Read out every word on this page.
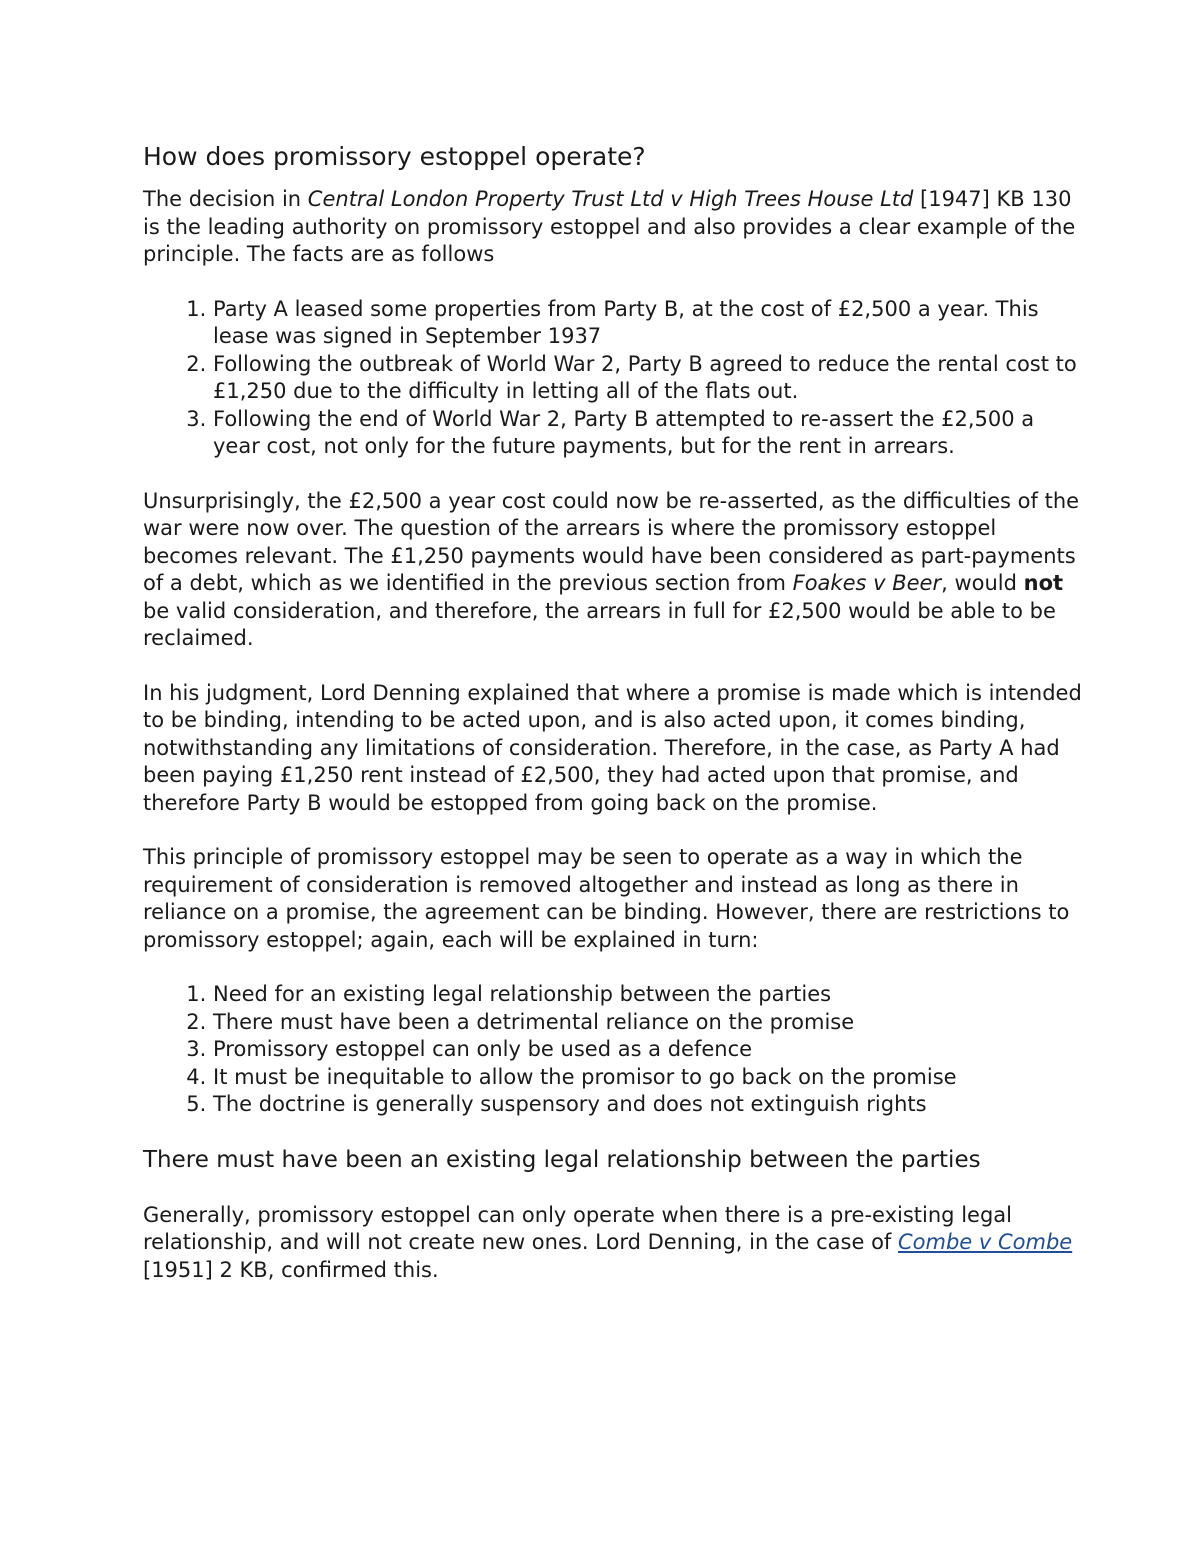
How does promissory estoppel operate?

The decision in Central London Property Trust Ltd v High Trees House Ltd [1947] KB 130 is the leading authority on promissory estoppel and also provides a clear example of the principle. The facts are as follows

1. Party A leased some properties from Party B, at the cost of £2,500 a year. This lease was signed in September 1937
2. Following the outbreak of World War 2, Party B agreed to reduce the rental cost to £1,250 due to the difficulty in letting all of the flats out.
3. Following the end of World War 2, Party B attempted to re-assert the £2,500 a year cost, not only for the future payments, but for the rent in arrears.

Unsurprisingly, the £2,500 a year cost could now be re-asserted, as the difficulties of the war were now over. The question of the arrears is where the promissory estoppel becomes relevant. The £1,250 payments would have been considered as part-payments of a debt, which as we identified in the previous section from Foakes v Beer, would not be valid consideration, and therefore, the arrears in full for £2,500 would be able to be reclaimed.

In his judgment, Lord Denning explained that where a promise is made which is intended to be binding, intending to be acted upon, and is also acted upon, it comes binding, notwithstanding any limitations of consideration. Therefore, in the case, as Party A had been paying £1,250 rent instead of £2,500, they had acted upon that promise, and therefore Party B would be estopped from going back on the promise.

This principle of promissory estoppel may be seen to operate as a way in which the requirement of consideration is removed altogether and instead as long as there in reliance on a promise, the agreement can be binding. However, there are restrictions to promissory estoppel; again, each will be explained in turn:

1. Need for an existing legal relationship between the parties
2. There must have been a detrimental reliance on the promise
3. Promissory estoppel can only be used as a defence
4. It must be inequitable to allow the promisor to go back on the promise
5. The doctrine is generally suspensory and does not extinguish rights
There must have been an existing legal relationship between the parties

Generally, promissory estoppel can only operate when there is a pre-existing legal relationship, and will not create new ones. Lord Denning, in the case of Combe v Combe [1951] 2 KB, confirmed this.
